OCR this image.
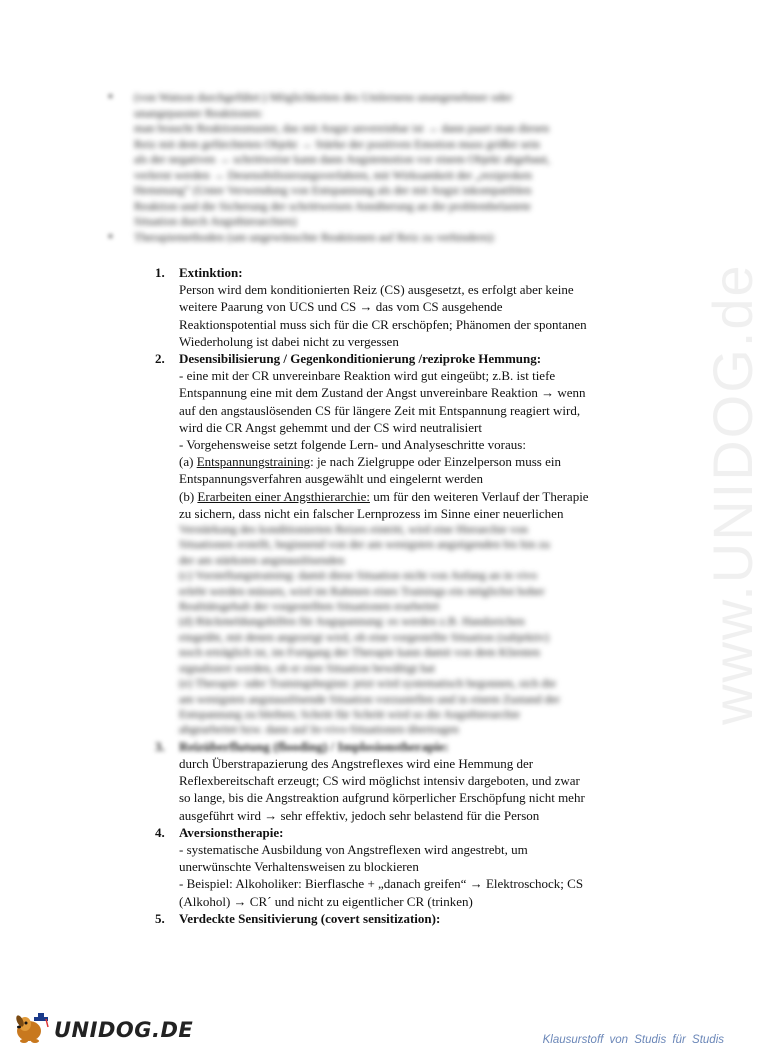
www.UNIDOG.de
•	(von Watson durchgeführt:) Möglichkeiten des Umlernens unangenehmer oder
unangepasster Reaktionen:
man braucht Reaktionsmuster, das mit Angst unvereinbar ist → dann paart man diesen
Reiz mit dem gefürchteten Objekt → Stärke der positiven Emotion muss größer sein
als der negativen → schrittweise kann dann Angstemotion vor einem Objekt abgebaut,
verlernt werden → Desensibilisierungsverfahren, mit Wirksamkeit der „reziproken
Hemmung“ (Unter Verwendung von Entspannung als der mit Angst inkompatiblen
Reaktion und die Sicherung der schrittweisen Annäherung an die problembelastete
Situation durch Angsthierarchien)
•	Therapiemethoden (um ungewünschte Reaktionen auf Reiz zu verhindern):
1.	Extinktion:
Person wird dem konditionierten Reiz (CS) ausgesetzt, es erfolgt aber keine
weitere Paarung von UCS und CS → das vom CS ausgehende
Reaktionspotential muss sich für die CR erschöpfen; Phänomen der spontanen
Wiederholung ist dabei nicht zu vergessen
2.	Desensibilisierung / Gegenkonditionierung /reziproke Hemmung:
- eine mit der CR unvereinbare Reaktion wird gut eingeübt; z.B. ist tiefe
Entspannung eine mit dem Zustand der Angst unvereinbare Reaktion → wenn
auf den angstauslösenden CS für längere Zeit mit Entspannung reagiert wird,
wird die CR Angst gehemmt und der CS wird neutralisiert
- Vorgehensweise setzt folgende Lern- und Analyseschritte voraus:
(a) Entspannungstraining: je nach Zielgruppe oder Einzelperson muss ein
Entspannungsverfahren ausgewählt und eingelernt werden
(b) Erarbeiten einer Angsthierarchie: um für den weiteren Verlauf der Therapie
zu sichern, dass nicht ein falscher Lernprozess im Sinne einer neuerlichen
Verstärkung des konditionierten Reizes eintritt, wird eine Hierarchie von
Situationen erstellt, beginnend von der am wenigsten angstigenden bis hin zu
der am stärksten angstauslösenden
(c) Vorstellungstraining: damit diese Situation nicht von Anfang an in vivo
erlebt werden müssen, wird im Rahmen eines Trainings ein möglichst hoher
Realitätsgehalt der vorgestellten Situationen erarbeitet
(d) Rückmeldungshilfen für Angspannung: es werden z.B. Handzeichen
eingeübt, mit denen angezeigt wird, ob eine vorgestellte Situation (subjektiv)
noch erträglich ist, im Fortgang der Therapie kann damit von dem Klienten
signalisiert werden, ob er eine Situation bewältigt hat
(e) Therapie- oder Trainingsbeginn: jetzt wird systematisch begonnen, sich die
am wenigsten angstauslösende Situation vorzustellen und in einem Zustand der
Entspannung zu bleiben; Schritt für Schritt wird so die Angsthierarchie
abgearbeitet bzw. dann auf In-vivo-Situationen übertragen
3.	Reizüberflutung (flooding) / Implosionstherapie:
durch Überstrapazierung des Angstreflexes wird eine Hemmung der
Reflexbereitschaft erzeugt; CS wird möglichst intensiv dargeboten, und zwar
so lange, bis die Angstreaktion aufgrund körperlicher Erschöpfung nicht mehr
ausgeführt wird → sehr effektiv, jedoch sehr belastend für die Person
4.	Aversionstherapie:
- systematische Ausbildung von Angstreflexen wird angestrebt, um
unerwünschte Verhaltensweisen zu blockieren
- Beispiel: Alkoholiker: Bierflasche + „danach greifen“ → Elektroschock; CS
(Alkohol) → CR´ und nicht zu eigentlicher CR (trinken)
5.	Verdeckte Sensitivierung (covert sensitization):
UNIDOG.DE	Klausurstoff von Studis für Studis
